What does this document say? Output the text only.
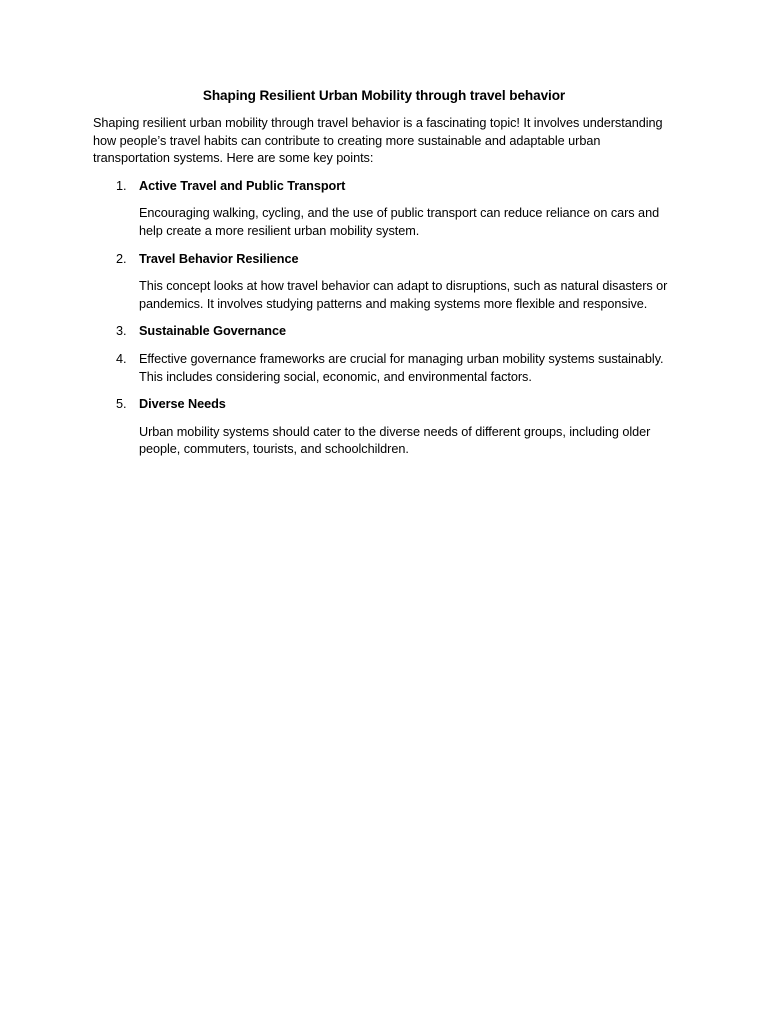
Shaping Resilient Urban Mobility through travel behavior

Shaping resilient urban mobility through travel behavior is a fascinating topic! It involves understanding how people’s travel habits can contribute to creating more sustainable and adaptable urban transportation systems. Here are some key points:

1. Active Travel and Public Transport

Encouraging walking, cycling, and the use of public transport can reduce reliance on cars and help create a more resilient urban mobility system.

2. Travel Behavior Resilience

This concept looks at how travel behavior can adapt to disruptions, such as natural disasters or pandemics. It involves studying patterns and making systems more flexible and responsive.

3. Sustainable Governance

4. Effective governance frameworks are crucial for managing urban mobility systems sustainably. This includes considering social, economic, and environmental factors.

5. Diverse Needs

Urban mobility systems should cater to the diverse needs of different groups, including older people, commuters, tourists, and schoolchildren.
